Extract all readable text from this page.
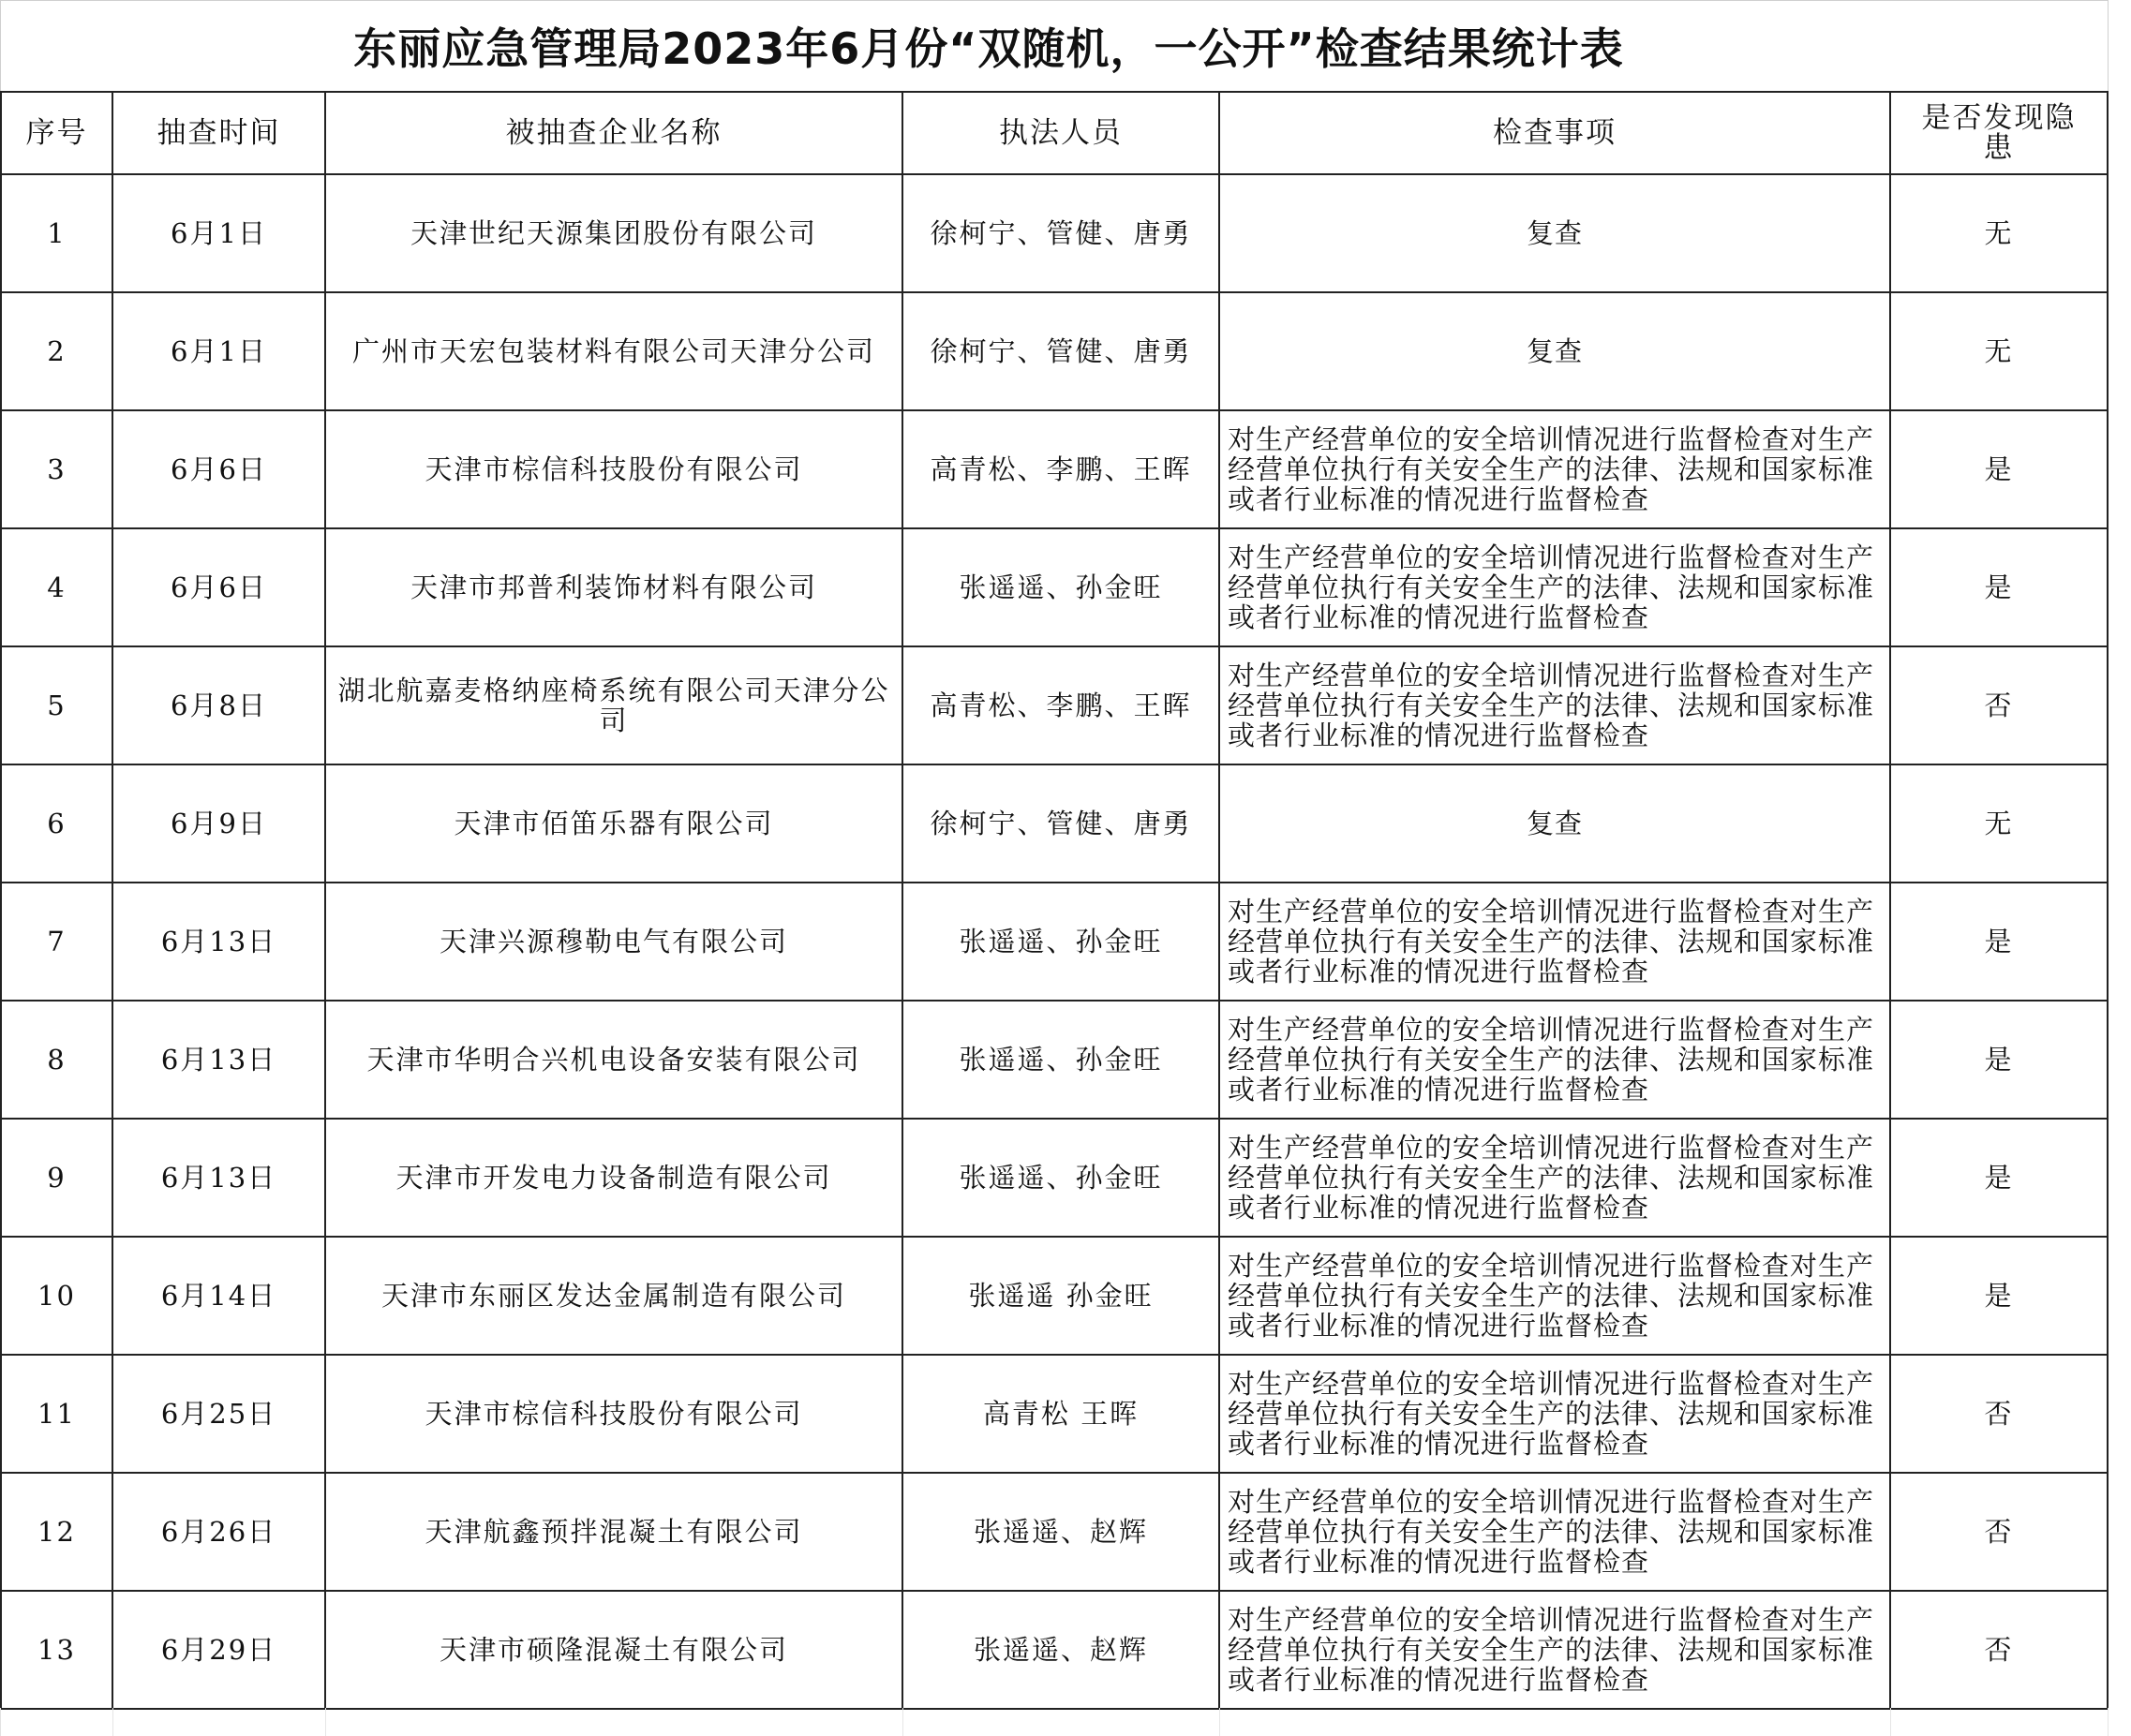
东丽应急管理局2023年6月份“双随机，一公开”检查结果统计表
序号	抽查时间	被抽查企业名称	执法人员	检查事项	是否发现隐患
1	6月1日	天津世纪天源集团股份有限公司	徐柯宁、管健、唐勇	复查	无
2	6月1日	广州市天宏包装材料有限公司天津分公司	徐柯宁、管健、唐勇	复查	无
3	6月6日	天津市棕信科技股份有限公司	高青松、李鹏、王晖	对生产经营单位的安全培训情况进行监督检查对生产经营单位执行有关安全生产的法律、法规和国家标准或者行业标准的情况进行监督检查	是
4	6月6日	天津市邦普利装饰材料有限公司	张遥遥、孙金旺	对生产经营单位的安全培训情况进行监督检查对生产经营单位执行有关安全生产的法律、法规和国家标准或者行业标准的情况进行监督检查	是
5	6月8日	湖北航嘉麦格纳座椅系统有限公司天津分公司	高青松、李鹏、王晖	对生产经营单位的安全培训情况进行监督检查对生产经营单位执行有关安全生产的法律、法规和国家标准或者行业标准的情况进行监督检查	否
6	6月9日	天津市佰笛乐器有限公司	徐柯宁、管健、唐勇	复查	无
7	6月13日	天津兴源穆勒电气有限公司	张遥遥、孙金旺	对生产经营单位的安全培训情况进行监督检查对生产经营单位执行有关安全生产的法律、法规和国家标准或者行业标准的情况进行监督检查	是
8	6月13日	天津市华明合兴机电设备安装有限公司	张遥遥、孙金旺	对生产经营单位的安全培训情况进行监督检查对生产经营单位执行有关安全生产的法律、法规和国家标准或者行业标准的情况进行监督检查	是
9	6月13日	天津市开发电力设备制造有限公司	张遥遥、孙金旺	对生产经营单位的安全培训情况进行监督检查对生产经营单位执行有关安全生产的法律、法规和国家标准或者行业标准的情况进行监督检查	是
10	6月14日	天津市东丽区发达金属制造有限公司	张遥遥 孙金旺	对生产经营单位的安全培训情况进行监督检查对生产经营单位执行有关安全生产的法律、法规和国家标准或者行业标准的情况进行监督检查	是
11	6月25日	天津市棕信科技股份有限公司	高青松 王晖	对生产经营单位的安全培训情况进行监督检查对生产经营单位执行有关安全生产的法律、法规和国家标准或者行业标准的情况进行监督检查	否
12	6月26日	天津航鑫预拌混凝土有限公司	张遥遥、赵辉	对生产经营单位的安全培训情况进行监督检查对生产经营单位执行有关安全生产的法律、法规和国家标准或者行业标准的情况进行监督检查	否
13	6月29日	天津市硕隆混凝土有限公司	张遥遥、赵辉	对生产经营单位的安全培训情况进行监督检查对生产经营单位执行有关安全生产的法律、法规和国家标准或者行业标准的情况进行监督检查	否
